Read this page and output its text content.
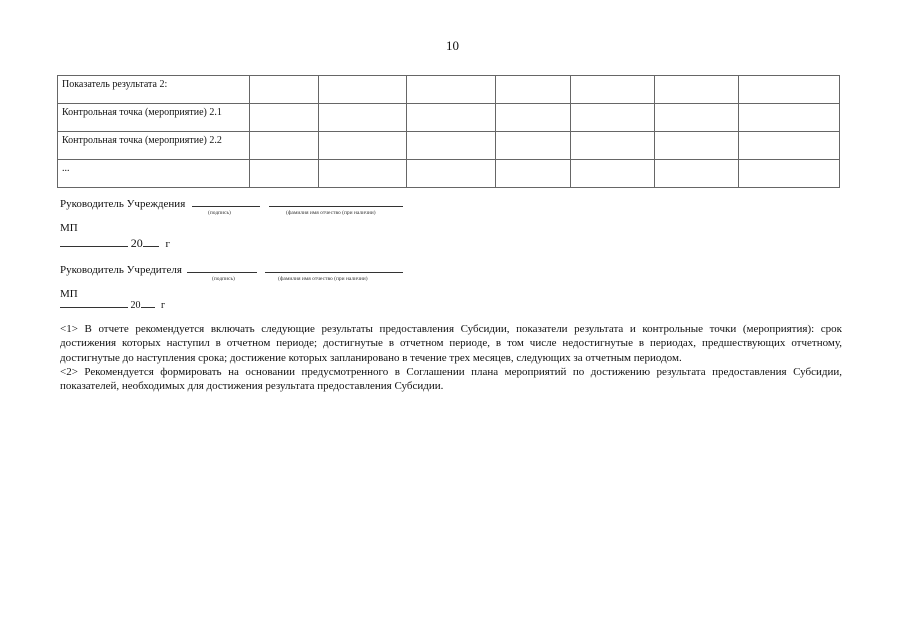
10
Показатель результата 2:							
Контрольная точка (мероприятие) 2.1							
Контрольная точка (мероприятие) 2.2							
...							
Руководитель Учреждения
(подпись)	(фамилия имя отчество (при наличии)
МП
20 г
Руководитель Учредителя
(подпись)	(фамилия имя отчество (при наличии)
МП
20 г

<1> В отчете рекомендуется включать следующие результаты предоставления Субсидии, показатели результата и контрольные точки (мероприятия): срок достижения которых наступил в отчетном периоде; достигнутые в отчетном периоде, в том числе недостигнутые в периодах, предшествующих отчетному, достигнутые до наступления срока; достижение которых запланировано в течение трех месяцев, следующих за отчетным периодом.

<2> Рекомендуется формировать на основании предусмотренного в Соглашении плана мероприятий по достижению результата предоставления Субсидии, показателей, необходимых для достижения результата предоставления Субсидии.
